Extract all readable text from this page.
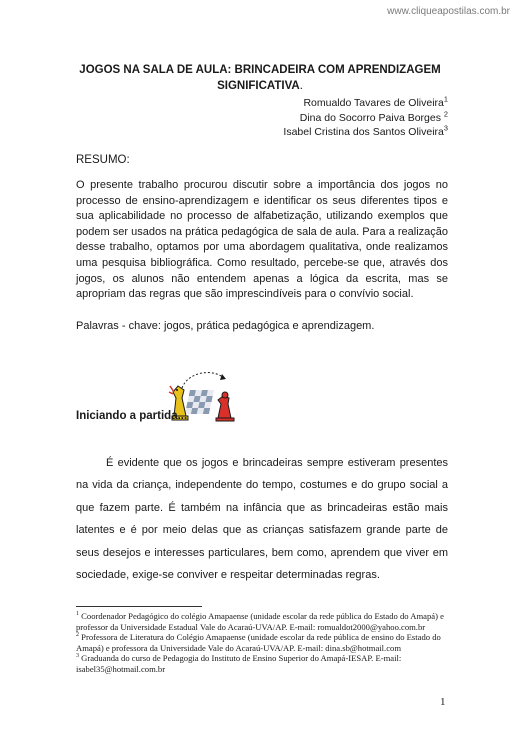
www.cliqueapostilas.com.br
JOGOS NA SALA DE AULA: BRINCADEIRA COM APRENDIZAGEM
SIGNIFICATIVA.
Romualdo Tavares de Oliveira$^1$
Dina do Socorro Paiva Borges $^2$
Isabel Cristina dos Santos Oliveira$^3$
RESUMO:
O presente trabalho procurou discutir sobre a importância dos jogos no processo de ensino-aprendizagem e identificar os seus diferentes tipos e sua aplicabilidade no processo de alfabetização, utilizando exemplos que podem ser usados na prática pedagógica de sala de aula. Para a realização desse trabalho, optamos por uma abordagem qualitativa, onde realizamos uma pesquisa bibliográfica. Como resultado, percebe-se que, através dos jogos, os alunos não entendem apenas a lógica da escrita, mas se apropriam das regras que são imprescindíveis para o convívio social.
Palavras - chave: jogos, prática pedagógica e aprendizagem.
Iniciando a partida...
É evidente que os jogos e brincadeiras sempre estiveram presentes na vida da criança, independente do tempo, costumes e do grupo social a que fazem parte. É também na infância que as brincadeiras estão mais latentes e é por meio delas que as crianças satisfazem grande parte de seus desejos e interesses particulares, bem como, aprendem que viver em sociedade, exige-se conviver e respeitar determinadas regras.

$^1$ Coordenador Pedagógico do colégio Amapaense (unidade escolar da rede pública do Estado do Amapá) e professor da Universidade Estadual Vale do Acaraú-UVA/AP. E-mail: romualdot2000@yahoo.com.br

$^2$ Professora de Literatura do Colégio Amapaense (unidade escolar da rede pública de ensino do Estado do Amapá) e professora da Universidade Vale do Acaraú-UVA/AP. E-mail: dina.sb@hotmail.com

$^3$ Graduanda do curso de Pedagogia do Instituto de Ensino Superior do Amapá-IESAP. E-mail: isabel35@hotmail.com.br

1
